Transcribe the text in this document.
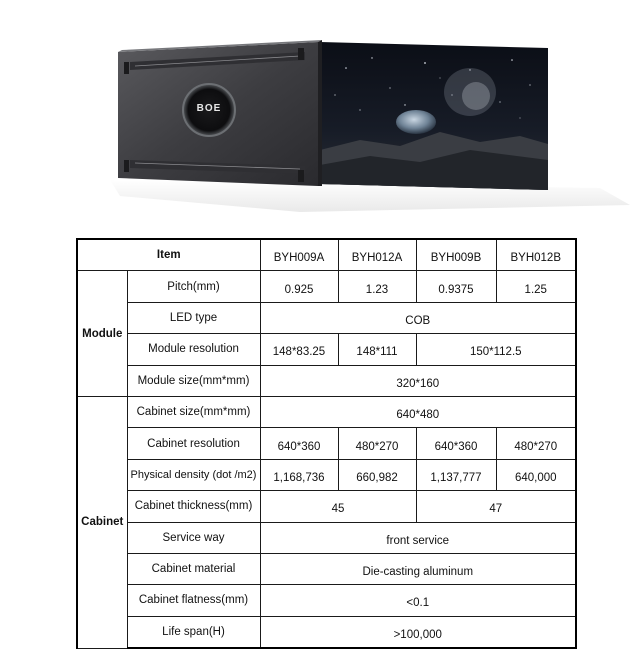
BOE
Item		BYH009A	BYH012A	BYH009B	BYH012B
Module	Pitch(mm)	0.925	1.23	0.9375	1.25
	LED type	COB			
	Module resolution	148*83.25	148*111	150*112.5	
	Module size(mm*mm)	320*160			
Cabinet	Cabinet size(mm*mm)	640*480			
	Cabinet resolution	640*360	480*270	640*360	480*270
	Physical density (dot /m2)	1,168,736	660,982	1,137,777	640,000
	Cabinet thickness(mm)	45		47	
	Service way	front service			
	Cabinet material	Die-casting aluminum			
	Cabinet flatness(mm)	<0.1			
	Life span(H)	>100,000			
